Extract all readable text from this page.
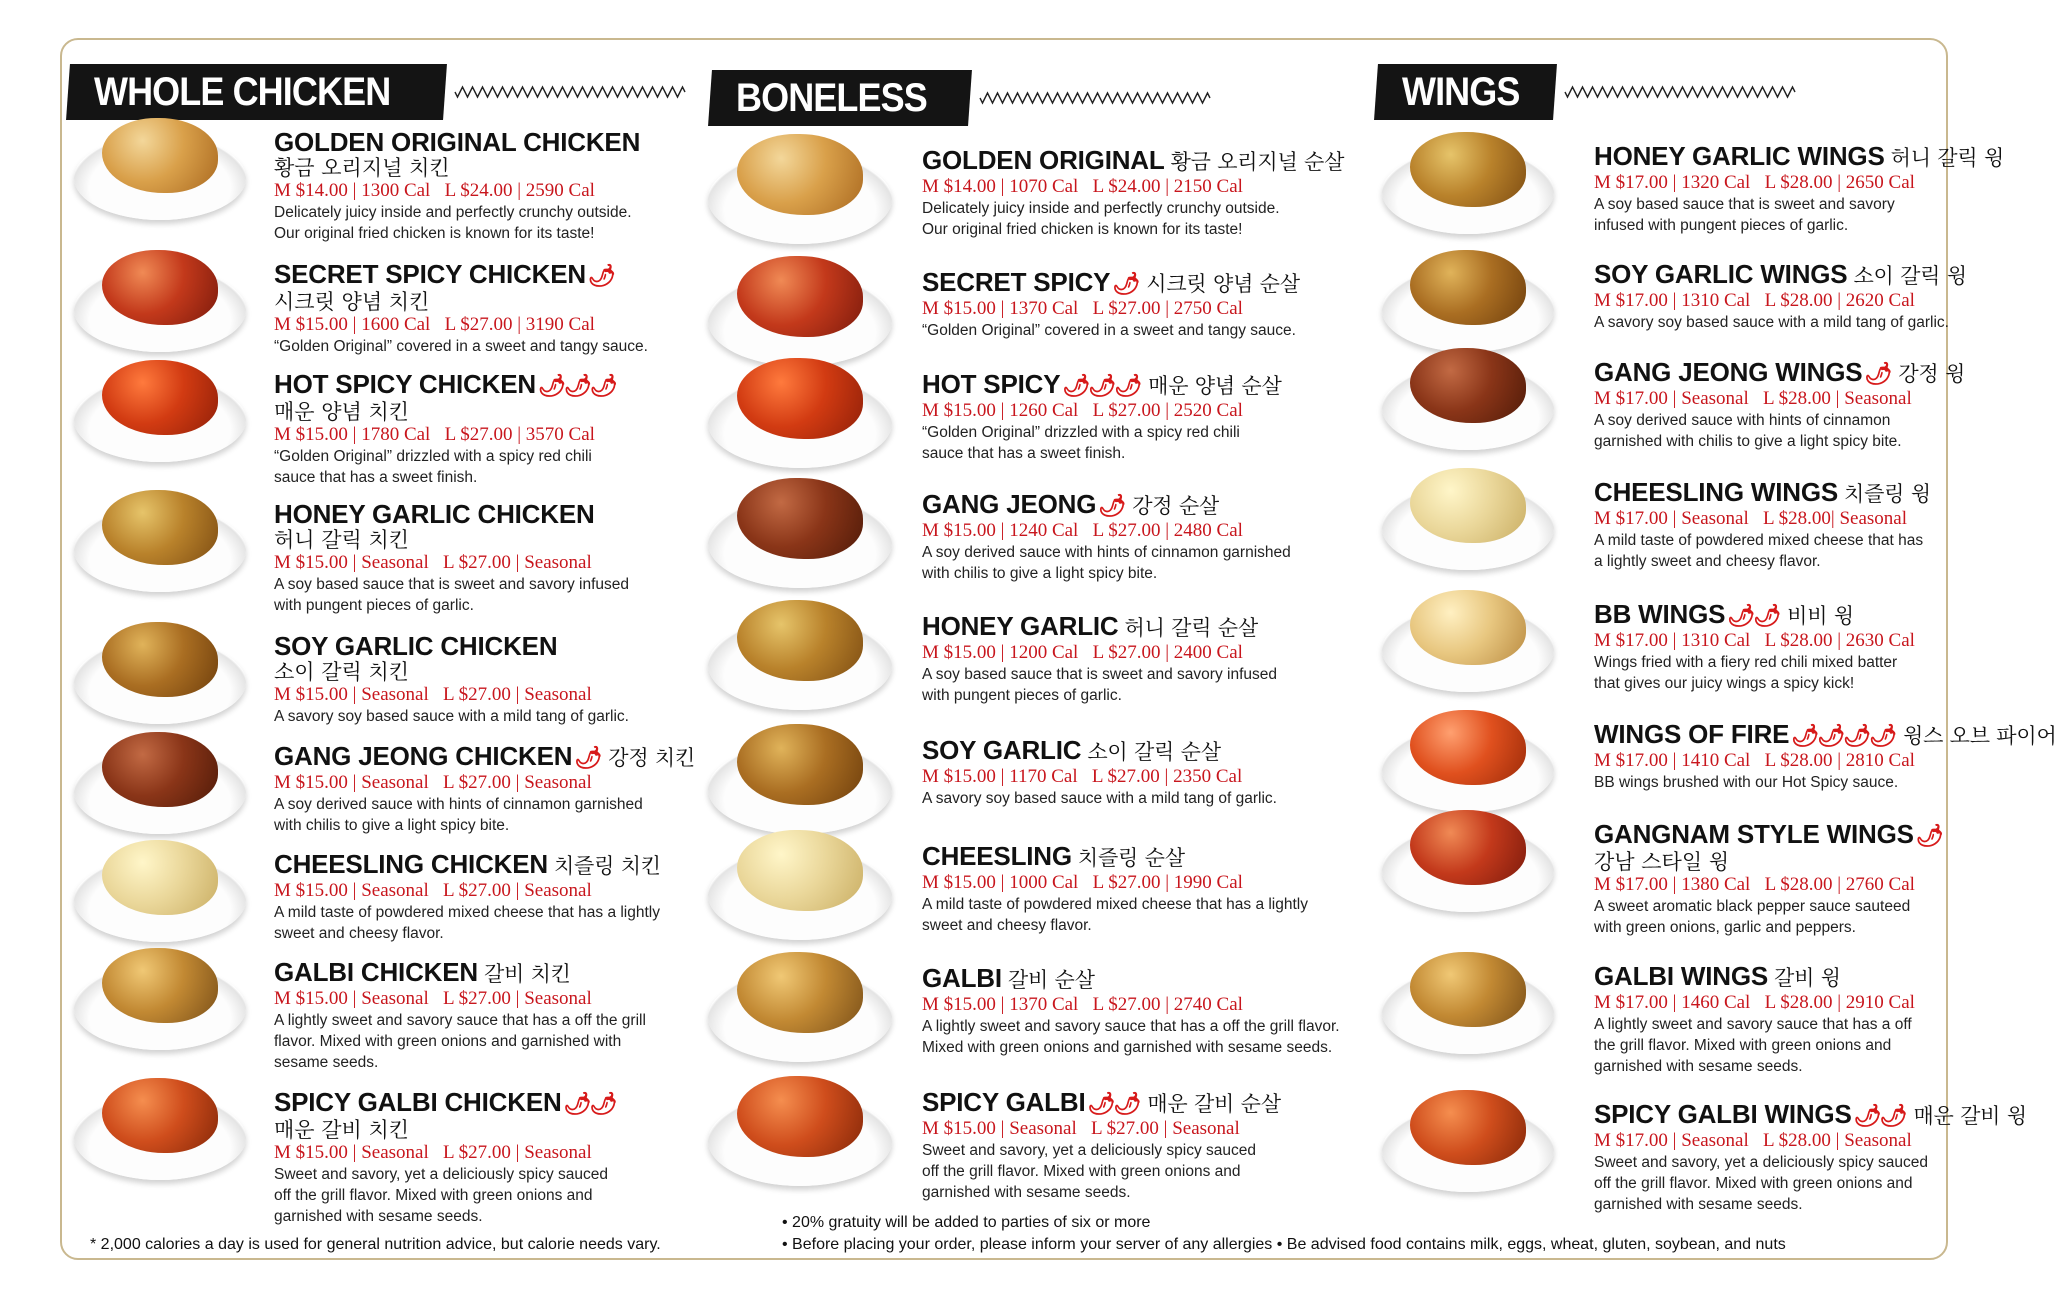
WHOLE CHICKEN
GOLDEN ORIGINAL CHICKEN
황금 오리지널 치킨
M $14.00 | 1300 Cal   L $24.00 | 2590 Cal
Delicately juicy inside and perfectly crunchy outside.
Our original fried chicken is known for its taste!
SECRET SPICY CHICKEN🌶
시크릿 양념 치킨
M $15.00 | 1600 Cal   L $27.00 | 3190 Cal
“Golden Original” covered in a sweet and tangy sauce.
HOT SPICY CHICKEN🌶🌶🌶
매운 양념 치킨
M $15.00 | 1780 Cal   L $27.00 | 3570 Cal
“Golden Original” drizzled with a spicy red chili
sauce that has a sweet finish.
HONEY GARLIC CHICKEN
허니 갈릭 치킨
M $15.00 | Seasonal   L $27.00 | Seasonal
A soy based sauce that is sweet and savory infused
with pungent pieces of garlic.
SOY GARLIC CHICKEN
소이 갈릭 치킨
M $15.00 | Seasonal   L $27.00 | Seasonal
A savory soy based sauce with a mild tang of garlic.
GANG JEONG CHICKEN🌶 강정 치킨
M $15.00 | Seasonal   L $27.00 | Seasonal
A soy derived sauce with hints of cinnamon garnished
with chilis to give a light spicy bite.
CHEESLING CHICKEN 치즐링 치킨
M $15.00 | Seasonal   L $27.00 | Seasonal
A mild taste of powdered mixed cheese that has a lightly
sweet and cheesy flavor.
GALBI CHICKEN 갈비 치킨
M $15.00 | Seasonal   L $27.00 | Seasonal
A lightly sweet and savory sauce that has a off the grill
flavor. Mixed with green onions and garnished with
sesame seeds.
SPICY GALBI CHICKEN🌶🌶
매운 갈비 치킨
M $15.00 | Seasonal   L $27.00 | Seasonal
Sweet and savory, yet a deliciously spicy sauced
off the grill flavor. Mixed with green onions and
garnished with sesame seeds.
BONELESS
GOLDEN ORIGINAL 황금 오리지널 순살
M $14.00 | 1070 Cal   L $24.00 | 2150 Cal
Delicately juicy inside and perfectly crunchy outside.
Our original fried chicken is known for its taste!
SECRET SPICY🌶 시크릿 양념 순살
M $15.00 | 1370 Cal   L $27.00 | 2750 Cal
“Golden Original” covered in a sweet and tangy sauce.
HOT SPICY🌶🌶🌶 매운 양념 순살
M $15.00 | 1260 Cal   L $27.00 | 2520 Cal
“Golden Original” drizzled with a spicy red chili
sauce that has a sweet finish.
GANG JEONG🌶 강정 순살
M $15.00 | 1240 Cal   L $27.00 | 2480 Cal
A soy derived sauce with hints of cinnamon garnished
with chilis to give a light spicy bite.
HONEY GARLIC 허니 갈릭 순살
M $15.00 | 1200 Cal   L $27.00 | 2400 Cal
A soy based sauce that is sweet and savory infused
with pungent pieces of garlic.
SOY GARLIC 소이 갈릭 순살
M $15.00 | 1170 Cal   L $27.00 | 2350 Cal
A savory soy based sauce with a mild tang of garlic.
CHEESLING 치즐링 순살
M $15.00 | 1000 Cal   L $27.00 | 1990 Cal
A mild taste of powdered mixed cheese that has a lightly
sweet and cheesy flavor.
GALBI 갈비 순살
M $15.00 | 1370 Cal   L $27.00 | 2740 Cal
A lightly sweet and savory sauce that has a off the grill flavor.
Mixed with green onions and garnished with sesame seeds.
SPICY GALBI🌶🌶 매운 갈비 순살
M $15.00 | Seasonal   L $27.00 | Seasonal
Sweet and savory, yet a deliciously spicy sauced
off the grill flavor. Mixed with green onions and
garnished with sesame seeds.
WINGS
HONEY GARLIC WINGS 허니 갈릭 윙
M $17.00 | 1320 Cal   L $28.00 | 2650 Cal
A soy based sauce that is sweet and savory
infused with pungent pieces of garlic.
SOY GARLIC WINGS 소이 갈릭 윙
M $17.00 | 1310 Cal   L $28.00 | 2620 Cal
A savory soy based sauce with a mild tang of garlic.
GANG JEONG WINGS🌶 강정 윙
M $17.00 | Seasonal   L $28.00 | Seasonal
A soy derived sauce with hints of cinnamon
garnished with chilis to give a light spicy bite.
CHEESLING WINGS 치즐링 윙
M $17.00 | Seasonal   L $28.00| Seasonal
A mild taste of powdered mixed cheese that has
a lightly sweet and cheesy flavor.
BB WINGS🌶🌶 비비 윙
M $17.00 | 1310 Cal   L $28.00 | 2630 Cal
Wings fried with a fiery red chili mixed batter
that gives our juicy wings a spicy kick!
WINGS OF FIRE🌶🌶🌶🌶 윙스 오브 파이어
M $17.00 | 1410 Cal   L $28.00 | 2810 Cal
BB wings brushed with our Hot Spicy sauce.
GANGNAM STYLE WINGS🌶
강남 스타일 윙
M $17.00 | 1380 Cal   L $28.00 | 2760 Cal
A sweet aromatic black pepper sauce sauteed
with green onions, garlic and peppers.
GALBI WINGS 갈비 윙
M $17.00 | 1460 Cal   L $28.00 | 2910 Cal
A lightly sweet and savory sauce that has a off
the grill flavor. Mixed with green onions and
garnished with sesame seeds.
SPICY GALBI WINGS🌶🌶 매운 갈비 윙
M $17.00 | Seasonal   L $28.00 | Seasonal
Sweet and savory, yet a deliciously spicy sauced
off the grill flavor. Mixed with green onions and
garnished with sesame seeds.
* 2,000 calories a day is used for general nutrition advice, but calorie needs vary.
• 20% gratuity will be added to parties of six or more
• Before placing your order, please inform your server of any allergies • Be advised food contains milk, eggs, wheat, gluten, soybean, and nuts
